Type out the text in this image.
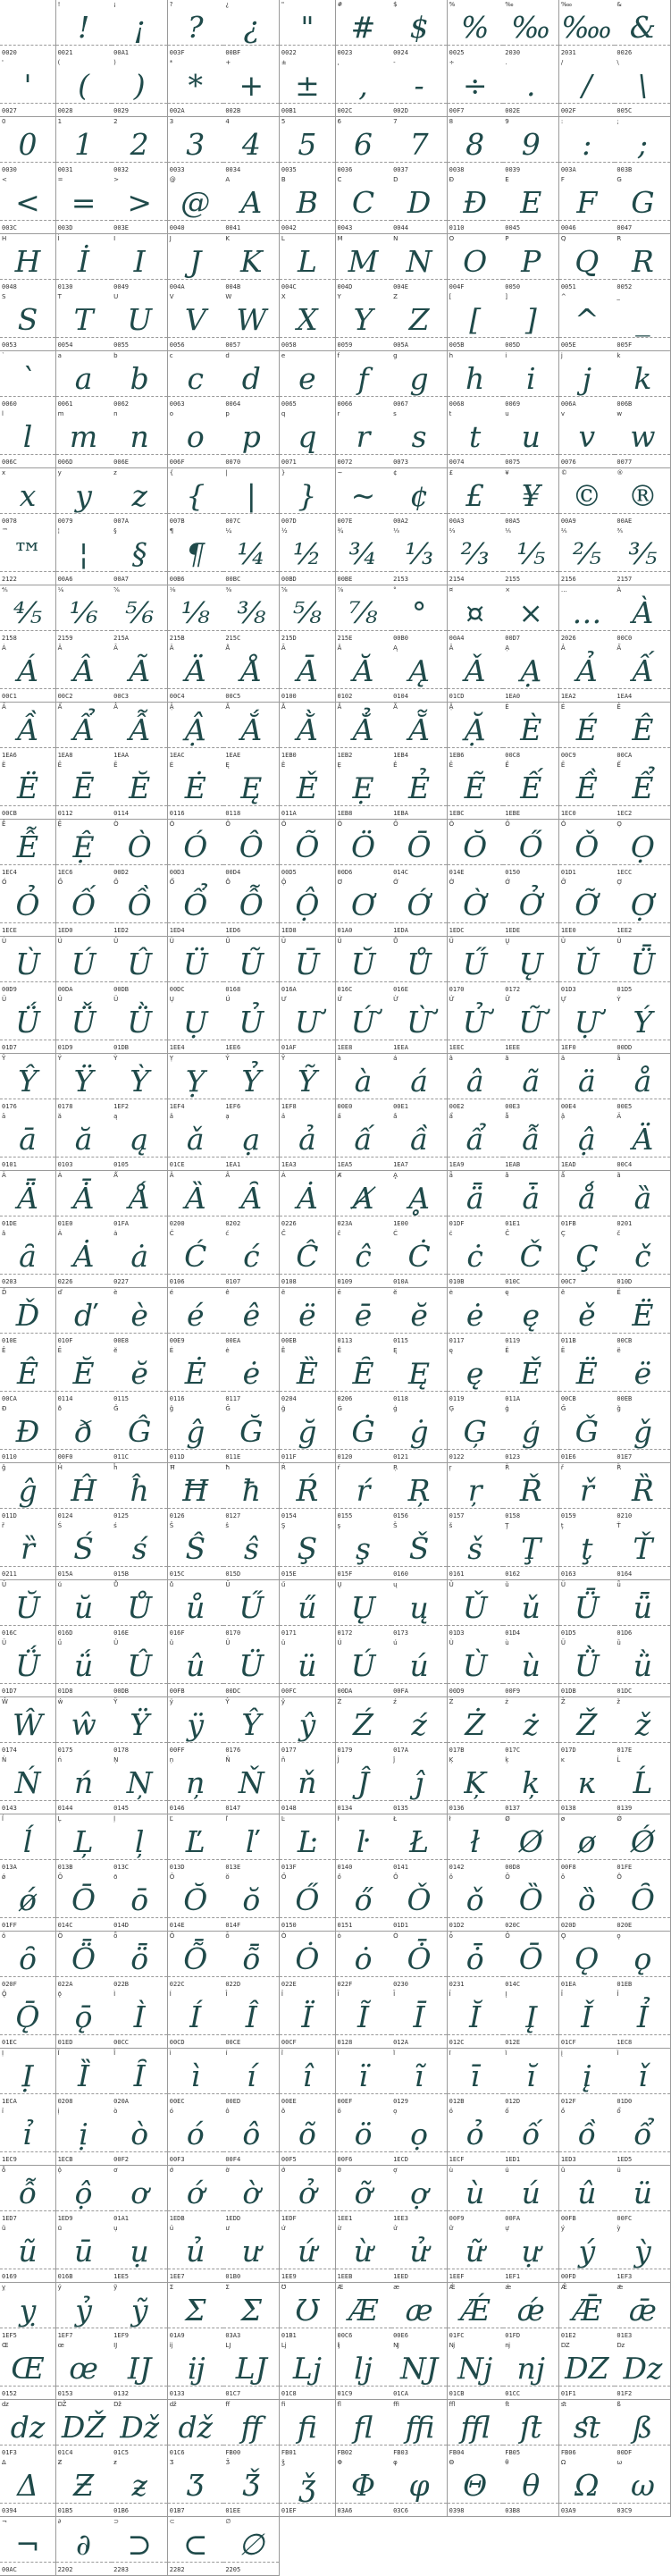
0020
!
!
0021
¡
¡
00A1
?
?
003F
¿
¿
00BF
"
"
0022
#
#
0023
$
$
0024
%
%
0025
‰
‰
2030
‱
‱
2031
&
&
0026
'
'
0027
(
(
0028
)
)
0029
*
*
002A
+
+
002B
±
±
00B1
,
,
002C
-
-
002D
÷
÷
00F7
.
.
002E
/
/
002F
\
\
005C
0
0
0030
1
1
0031
2
2
0032
3
3
0033
4
4
0034
5
5
0035
6
6
0036
7
7
0037
8
8
0038
9
9
0039
:
:
003A
;
;
003B
<
<
003C
=
=
003D
>
>
003E
@
@
0040
A
A
0041
B
B
0042
C
C
0043
D
D
0044
Đ
Đ
0110
E
E
0045
F
F
0046
G
G
0047
H
H
0048
İ
İ
0130
I
I
0049
J
J
004A
K
K
004B
L
L
004C
M
M
004D
N
N
004E
O
O
004F
P
P
0050
Q
Q
0051
R
R
0052
S
S
0053
T
T
0054
U
U
0055
V
V
0056
W
W
0057
X
X
0058
Y
Y
0059
Z
Z
005A
[
[
005B
]
]
005D
^
^
005E
_
_
005F
`
`
0060
a
a
0061
b
b
0062
c
c
0063
d
d
0064
e
e
0065
f
f
0066
g
g
0067
h
h
0068
i
i
0069
j
j
006A
k
k
006B
l
l
006C
m
m
006D
n
n
006E
o
o
006F
p
p
0070
q
q
0071
r
r
0072
s
s
0073
t
t
0074
u
u
0075
v
v
0076
w
w
0077
x
x
0078
y
y
0079
z
z
007A
{
{
007B
|
|
007C
}
}
007D
~
~
007E
¢
¢
00A2
£
£
00A3
¥
¥
00A5
©
©
00A9
®
®
00AE
™
™
2122
¦
¦
00A6
§
§
00A7
¶
¶
00B6
¼
¼
00BC
½
½
00BD
¾
¾
00BE
⅓
⅓
2153
⅔
⅔
2154
⅕
⅕
2155
⅖
⅖
2156
⅗
⅗
2157
⅘
⅘
2158
⅙
⅙
2159
⅚
⅚
215A
⅛
⅛
215B
⅜
⅜
215C
⅝
⅝
215D
⅞
⅞
215E
°
°
00B0
¤
¤
00A4
×
×
00D7
…
…
2026
À
À
00C0
Á
Á
00C1
Â
Â
00C2
Ã
Ã
00C3
Ä
Ä
00C4
Å
Å
00C5
Ā
Ā
0100
Ă
Ă
0102
Ą
Ą
0104
Ǎ
Ǎ
01CD
Ạ
Ạ
1EA0
Ả
Ả
1EA2
Ấ
Ấ
1EA4
Ầ
Ầ
1EA6
Ẩ
Ẩ
1EA8
Ẫ
Ẫ
1EAA
Ậ
Ậ
1EAC
Ắ
Ắ
1EAE
Ằ
Ằ
1EB0
Ẳ
Ẳ
1EB2
Ẵ
Ẵ
1EB4
Ặ
Ặ
1EB6
È
È
00C8
É
É
00C9
Ê
Ê
00CA
Ë
Ë
00CB
Ē
Ē
0112
Ĕ
Ĕ
0114
Ė
Ė
0116
Ę
Ę
0118
Ě
Ě
011A
Ẹ
Ẹ
1EB8
Ẻ
Ẻ
1EBA
Ẽ
Ẽ
1EBC
Ế
Ế
1EBE
Ề
Ề
1EC0
Ể
Ể
1EC2
Ễ
Ễ
1EC4
Ệ
Ệ
1EC6
Ò
Ò
00D2
Ó
Ó
00D3
Ô
Ô
00D4
Õ
Õ
00D5
Ö
Ö
00D6
Ō
Ō
014C
Ŏ
Ŏ
014E
Ő
Ő
0150
Ǒ
Ǒ
01D1
Ọ
Ọ
1ECC
Ỏ
Ỏ
1ECE
Ố
Ố
1ED0
Ồ
Ồ
1ED2
Ổ
Ổ
1ED4
Ỗ
Ỗ
1ED6
Ộ
Ộ
1ED8
Ơ
Ơ
01A0
Ớ
Ớ
1EDA
Ờ
Ờ
1EDC
Ở
Ở
1EDE
Ỡ
Ỡ
1EE0
Ợ
Ợ
1EE2
Ù
Ù
00D9
Ú
Ú
00DA
Û
Û
00DB
Ü
Ü
00DC
Ũ
Ũ
0168
Ū
Ū
016A
Ŭ
Ŭ
016C
Ů
Ů
016E
Ű
Ű
0170
Ų
Ų
0172
Ǔ
Ǔ
01D3
Ǖ
Ǖ
01D5
Ǘ
Ǘ
01D7
Ǚ
Ǚ
01D9
Ǜ
Ǜ
01DB
Ụ
Ụ
1EE4
Ủ
Ủ
1EE6
Ư
Ư
01AF
Ứ
Ứ
1EE8
Ừ
Ừ
1EEA
Ử
Ử
1EEC
Ữ
Ữ
1EEE
Ự
Ự
1EF0
Ý
Ý
00DD
Ŷ
Ŷ
0176
Ÿ
Ÿ
0178
Ỳ
Ỳ
1EF2
Ỵ
Ỵ
1EF4
Ỷ
Ỷ
1EF6
Ỹ
Ỹ
1EF8
à
à
00E0
á
á
00E1
â
â
00E2
ã
ã
00E3
ä
ä
00E4
å
å
00E5
ā
ā
0101
ă
ă
0103
ą
ą
0105
ǎ
ǎ
01CE
ạ
ạ
1EA1
ả
ả
1EA3
ấ
ấ
1EA5
ầ
ầ
1EA7
ẩ
ẩ
1EA9
ẫ
ẫ
1EAB
ậ
ậ
1EAD
Ä
Ä
00C4
Ǟ
Ǟ
01DE
Ǡ
Ǡ
01E0
Ǻ
Ǻ
01FA
Ȁ
Ȁ
0200
Ȃ
Ȃ
0202
Ȧ
Ȧ
0226
Ⱥ
Ⱥ
023A
Ḁ
Ḁ
1E00
ǟ
ǟ
01DF
ǡ
ǡ
01E1
ǻ
ǻ
01FB
ȁ
ȁ
0201
ȃ
ȃ
0203
Ȧ
Ȧ
0226
ȧ
ȧ
0227
Ć
Ć
0106
ć
ć
0107
Ĉ
Ĉ
0108
ĉ
ĉ
0109
Ċ
Ċ
010A
ċ
ċ
010B
Č
Č
010C
Ç
Ç
00C7
č
č
010D
Ď
Ď
010E
ď
ď
010F
è
è
00E8
é
é
00E9
ê
ê
00EA
ë
ë
00EB
ē
ē
0113
ĕ
ĕ
0115
ė
ė
0117
ę
ę
0119
ě
ě
011B
Ë
Ë
00CB
Ê
Ê
00CA
Ĕ
Ĕ
0114
ĕ
ĕ
0115
Ė
Ė
0116
ė
ė
0117
Ȅ
Ȅ
0204
Ȇ
Ȇ
0206
Ę
Ę
0118
ę
ę
0119
Ě
Ě
011A
Ë
Ë
00CB
ë
ë
00EB
Đ
Đ
0110
ð
ð
00F0
Ĝ
Ĝ
011C
ĝ
ĝ
011D
Ğ
Ğ
011E
ğ
ğ
011F
Ġ
Ġ
0120
ġ
ġ
0121
Ģ
Ģ
0122
ģ
ģ
0123
Ǧ
Ǧ
01E6
ǧ
ǧ
01E7
ĝ
ĝ
011D
Ĥ
Ĥ
0124
ĥ
ĥ
0125
Ħ
Ħ
0126
ħ
ħ
0127
Ŕ
Ŕ
0154
ŕ
ŕ
0155
Ŗ
Ŗ
0156
ŗ
ŗ
0157
Ř
Ř
0158
ř
ř
0159
Ȑ
Ȑ
0210
ȑ
ȑ
0211
Ś
Ś
015A
ś
ś
015B
Ŝ
Ŝ
015C
ŝ
ŝ
015D
Ş
Ş
015E
ş
ş
015F
Š
Š
0160
š
š
0161
Ţ
Ţ
0162
ţ
ţ
0163
Ť
Ť
0164
Ŭ
Ŭ
016C
ŭ
ŭ
016D
Ů
Ů
016E
ů
ů
016F
Ű
Ű
0170
ű
ű
0171
Ų
Ų
0172
ų
ų
0173
Ǔ
Ǔ
01D3
ǔ
ǔ
01D4
Ǖ
Ǖ
01D5
ǖ
ǖ
01D6
Ǘ
Ǘ
01D7
ǘ
ǘ
01D8
Û
Û
00DB
û
û
00FB
Ü
Ü
00DC
ü
ü
00FC
Ú
Ú
00DA
ú
ú
00FA
Ù
Ù
00D9
ù
ù
00F9
Ǜ
Ǜ
01DB
ǜ
ǜ
01DC
Ŵ
Ŵ
0174
ŵ
ŵ
0175
Ÿ
Ÿ
0178
ÿ
ÿ
00FF
Ŷ
Ŷ
0176
ŷ
ŷ
0177
Ź
Ź
0179
ź
ź
017A
Ż
Ż
017B
ż
ż
017C
Ž
Ž
017D
ž
ž
017E
Ń
Ń
0143
ń
ń
0144
Ņ
Ņ
0145
ņ
ņ
0146
Ň
Ň
0147
ň
ň
0148
Ĵ
Ĵ
0134
ĵ
ĵ
0135
Ķ
Ķ
0136
ķ
ķ
0137
ĸ
ĸ
0138
Ĺ
Ĺ
0139
ĺ
ĺ
013A
Ļ
Ļ
013B
ļ
ļ
013C
Ľ
Ľ
013D
ľ
ľ
013E
Ŀ
Ŀ
013F
ŀ
ŀ
0140
Ł
Ł
0141
ł
ł
0142
Ø
Ø
00D8
ø
ø
00F8
Ǿ
Ǿ
01FE
ǿ
ǿ
01FF
Ō
Ō
014C
ō
ō
014D
Ŏ
Ŏ
014E
ŏ
ŏ
014F
Ő
Ő
0150
ő
ő
0151
Ǒ
Ǒ
01D1
ǒ
ǒ
01D2
Ȍ
Ȍ
020C
ȍ
ȍ
020D
Ȏ
Ȏ
020E
ȏ
ȏ
020F
Ȫ
Ȫ
022A
ȫ
ȫ
022B
Ȭ
Ȭ
022C
ȭ
ȭ
022D
Ȯ
Ȯ
022E
ȯ
ȯ
022F
Ȱ
Ȱ
0230
ȱ
ȱ
0231
Ō
Ō
014C
Ǫ
Ǫ
01EA
ǫ
ǫ
01EB
Ǭ
Ǭ
01EC
ǭ
ǭ
01ED
Ì
Ì
00CC
Í
Í
00CD
Î
Î
00CE
Ï
Ï
00CF
Ĩ
Ĩ
0128
Ī
Ī
012A
Ĭ
Ĭ
012C
Į
Į
012E
Ǐ
Ǐ
01CF
Ỉ
Ỉ
1EC8
Ị
Ị
1ECA
Ȉ
Ȉ
0208
Ȋ
Ȋ
020A
ì
ì
00EC
í
í
00ED
î
î
00EE
ï
ï
00EF
ĩ
ĩ
0129
ī
ī
012B
ĭ
ĭ
012D
į
į
012F
ǐ
ǐ
01D0
ỉ
ỉ
1EC9
ị
ị
1ECB
ò
ò
00F2
ó
ó
00F3
ô
ô
00F4
õ
õ
00F5
ö
ö
00F6
ọ
ọ
1ECD
ỏ
ỏ
1ECF
ố
ố
1ED1
ồ
ồ
1ED3
ổ
ổ
1ED5
ỗ
ỗ
1ED7
ộ
ộ
1ED9
ơ
ơ
01A1
ớ
ớ
1EDB
ờ
ờ
1EDD
ở
ở
1EDF
ỡ
ỡ
1EE1
ợ
ợ
1EE3
ù
ù
00F9
ú
ú
00FA
û
û
00FB
ü
ü
00FC
ũ
ũ
0169
ū
ū
016B
ụ
ụ
1EE5
ủ
ủ
1EE7
ư
ư
01B0
ứ
ứ
1EE9
ừ
ừ
1EEB
ử
ử
1EED
ữ
ữ
1EEF
ự
ự
1EF1
ý
ý
00FD
ỳ
ỳ
1EF3
ỵ
ỵ
1EF5
ỷ
ỷ
1EF7
ỹ
ỹ
1EF9
Ʃ
Ʃ
01A9
Σ
Σ
03A3
Ʊ
Ʊ
01B1
Æ
Æ
00C6
æ
æ
00E6
Ǽ
Ǽ
01FC
ǽ
ǽ
01FD
Ǣ
Ǣ
01E2
ǣ
ǣ
01E3
Œ
Œ
0152
œ
œ
0153
Ĳ
Ĳ
0132
ĳ
ĳ
0133
Ǉ
Ǉ
01C7
ǈ
ǈ
01C8
ǉ
ǉ
01C9
Ǌ
Ǌ
01CA
ǋ
ǋ
01CB
ǌ
ǌ
01CC
Ǳ
Ǳ
01F1
ǲ
ǲ
01F2
ǳ
ǳ
01F3
Ǆ
Ǆ
01C4
ǅ
ǅ
01C5
ǆ
ǆ
01C6
ﬀ
ﬀ
FB00
ﬁ
ﬁ
FB01
ﬂ
ﬂ
FB02
ﬃ
ﬃ
FB03
ﬄ
ﬄ
FB04
ﬅ
ﬅ
FB05
ﬆ
ﬆ
FB06
ß
ß
00DF
Δ
Δ
0394
Ƶ
Ƶ
01B5
ƶ
ƶ
01B6
Ʒ
Ʒ
01B7
Ǯ
Ǯ
01EE
ǯ
ǯ
01EF
Φ
Φ
03A6
φ
φ
03C6
Θ
Θ
0398
θ
θ
03B8
Ω
Ω
03A9
ω
ω
03C9
¬
¬
00AC
∂
∂
2202
⊃
⊃
2283
⊂
⊂
2282
∅
∅
2205
